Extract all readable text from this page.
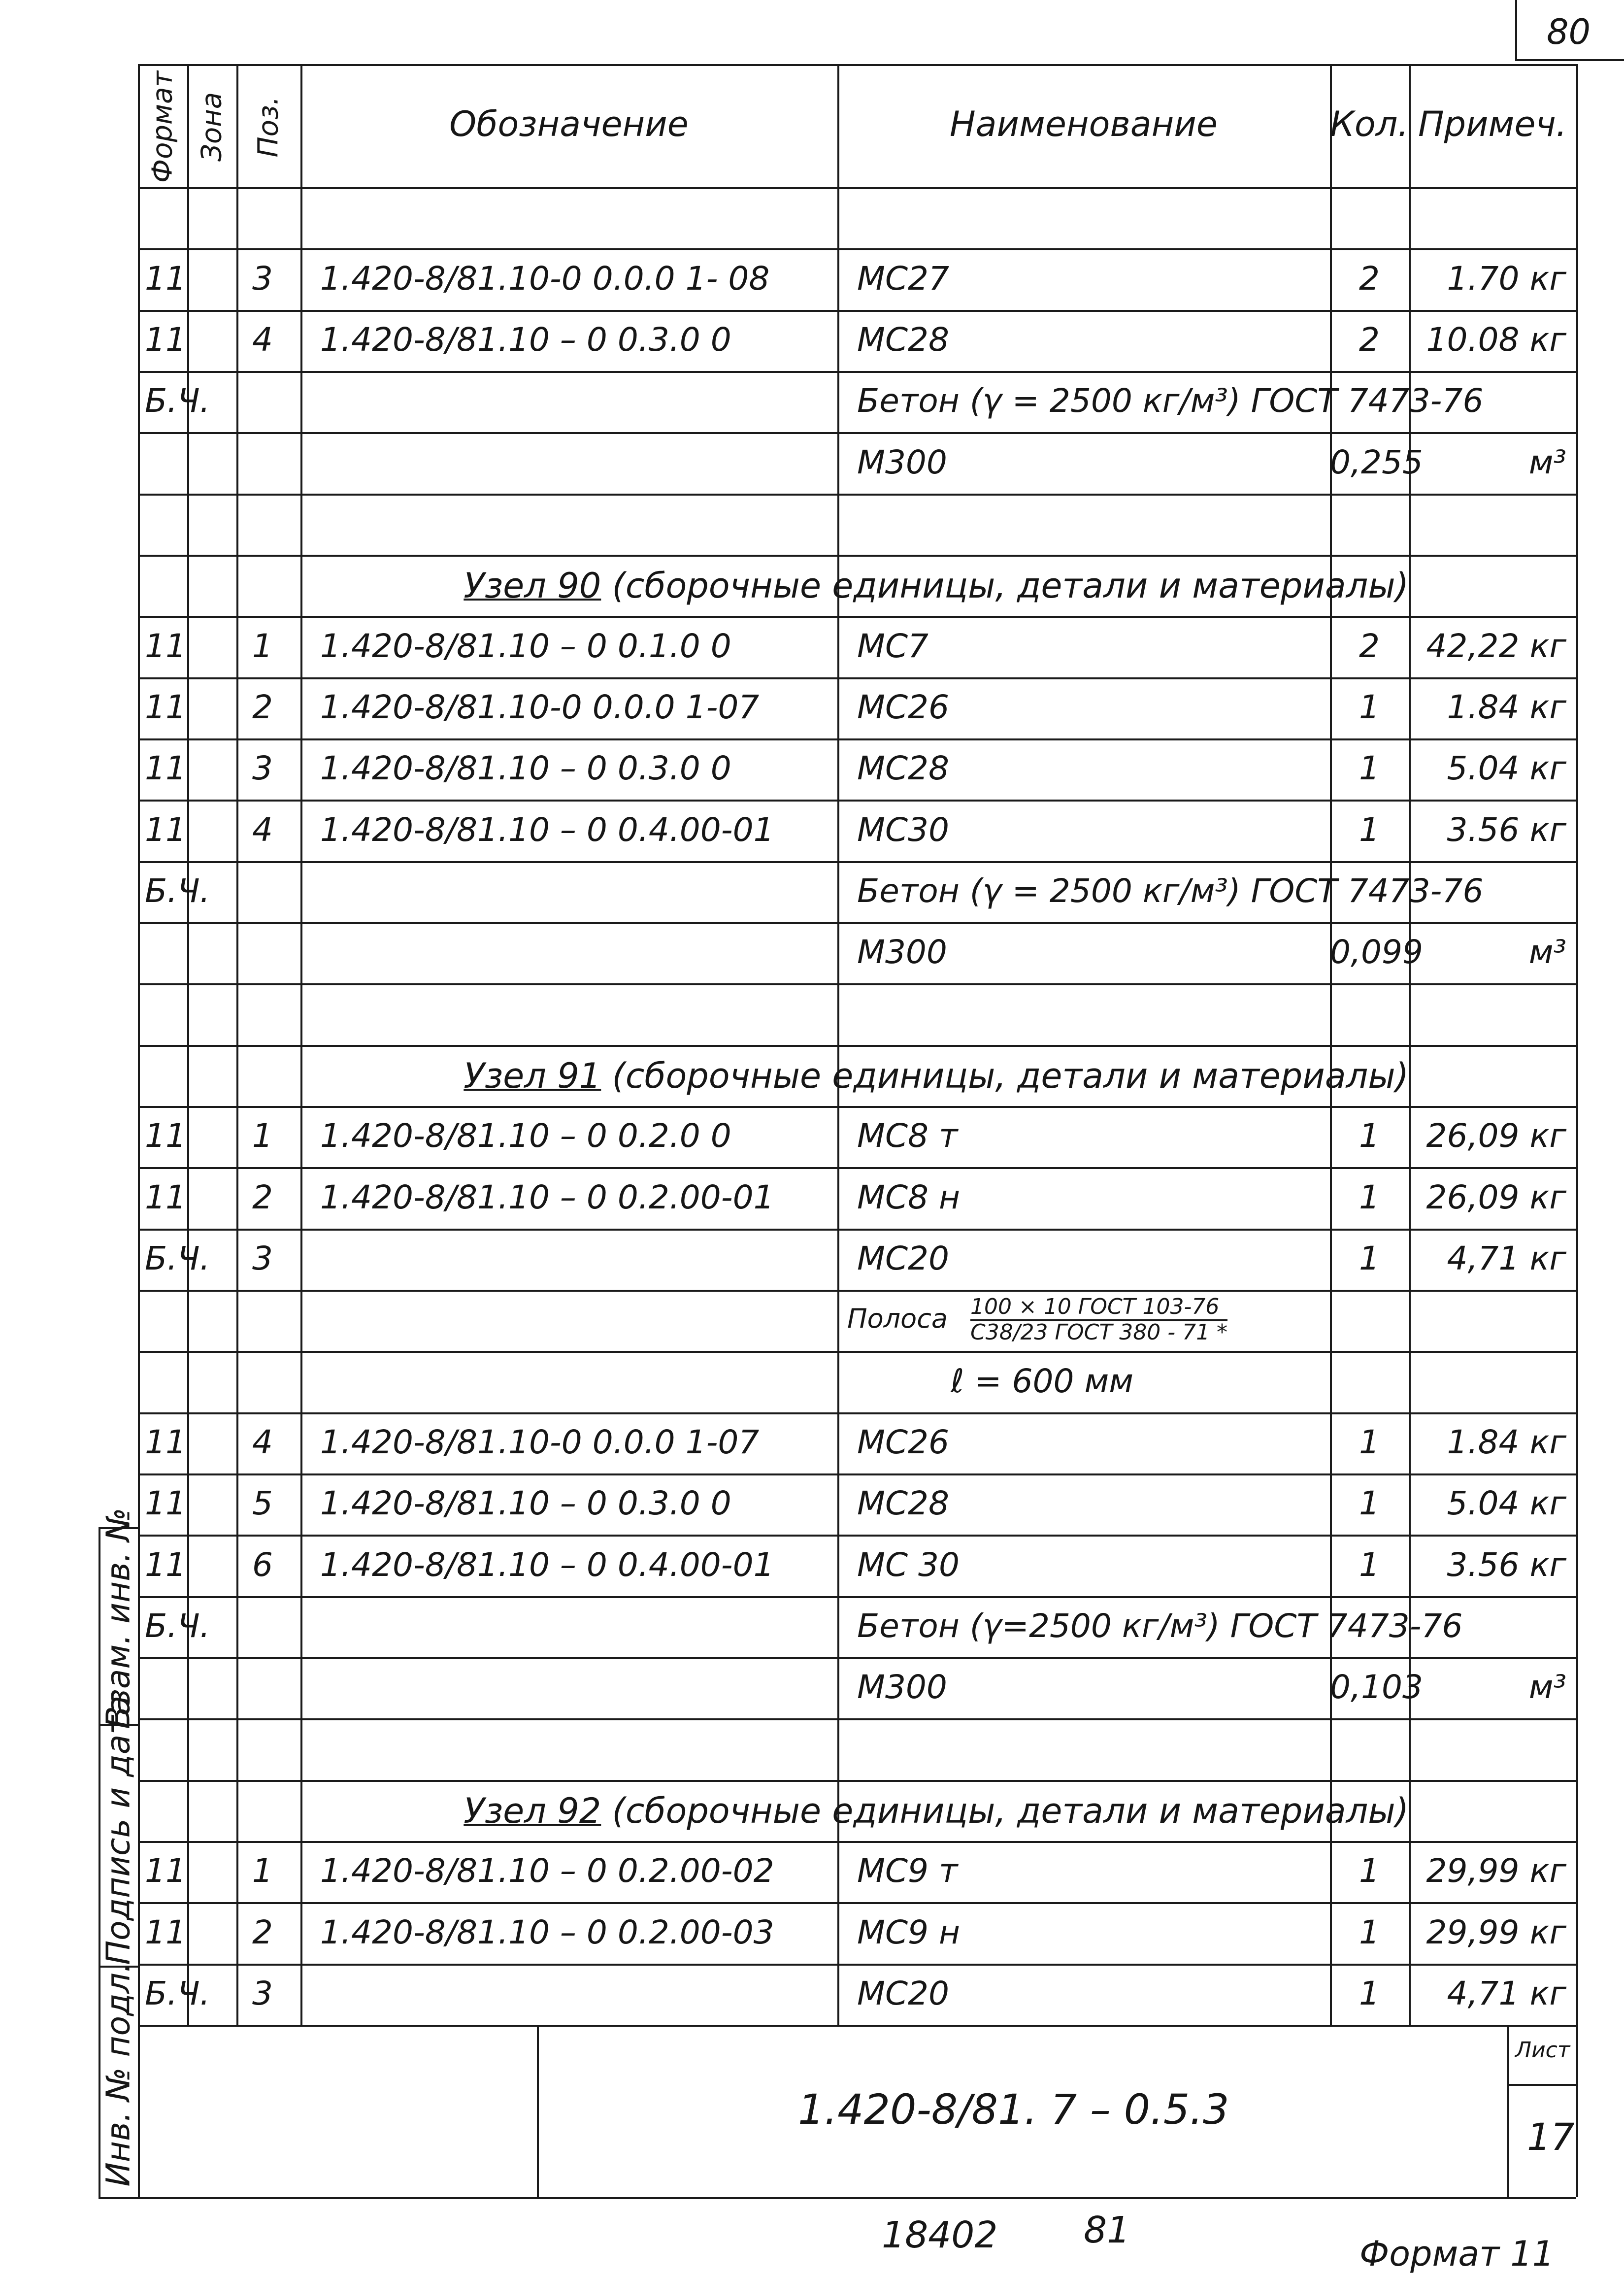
80
Формат Зона Поз.	Обозначение	Наименование	Кол. Примеч.
11 3 1.420-8/81.10-0 0.0.0 1- 08	MC27	2	1.70 кг
11 4 1.420-8/81.10 – 0 0.3.0 0	MC28	2	10.08 кг
Б.Ч.	Бетон (γ = 2500 кг/м³) ГОСТ 7473-76
M300	0,255	м³
Узел 90 (сборочные единицы, детали и материалы)
11 1 1.420-8/81.10 – 0 0.1.0 0	MC7	2	42,22 кг
11 2 1.420-8/81.10-0 0.0.0 1-07	MC26	1	1.84 кг
11 3 1.420-8/81.10 – 0 0.3.0 0	MC28	1	5.04 кг
11 4 1.420-8/81.10 – 0 0.4.00-01	MC30	1	3.56 кг
Б.Ч.	Бетон (γ = 2500 кг/м³) ГОСТ 7473-76
M300	0,099	м³
Узел 91 (сборочные единицы, детали и материалы)
11 1 1.420-8/81.10 – 0 0.2.0 0	MC8 т	1	26,09 кг
11 2 1.420-8/81.10 – 0 0.2.00-01	MC8 н	1	26,09 кг
Б.Ч. 3	MC20	1	4,71 кг
Полоса 100 × 10 ГОСТ 103-76
С38/23 ГОСТ 380 - 71 *
ℓ = 600 мм
11 4 1.420-8/81.10-0 0.0.0 1-07	MC26	1	1.84 кг
11 5 1.420-8/81.10 – 0 0.3.0 0	MC28	1	5.04 кг
11 6 1.420-8/81.10 – 0 0.4.00-01	MC 30	1	3.56 кг
Б.Ч.	Бетон (γ=2500 кг/м³) ГОСТ 7473-76
M300	0,103	м³
Узел 92 (сборочные единицы, детали и материалы)
11 1 1.420-8/81.10 – 0 0.2.00-02	MC9 т	1	29,99 кг
11 2 1.420-8/81.10 – 0 0.2.00-03	MC9 н	1	29,99 кг
Б.Ч. 3	MC20	1	4,71 кг
Взам. инв. №
Подпись и дата
Инв. № подл.	1.420-8/81. 7 – 0.5.3
Лист
17
18402 81
Формат 11
